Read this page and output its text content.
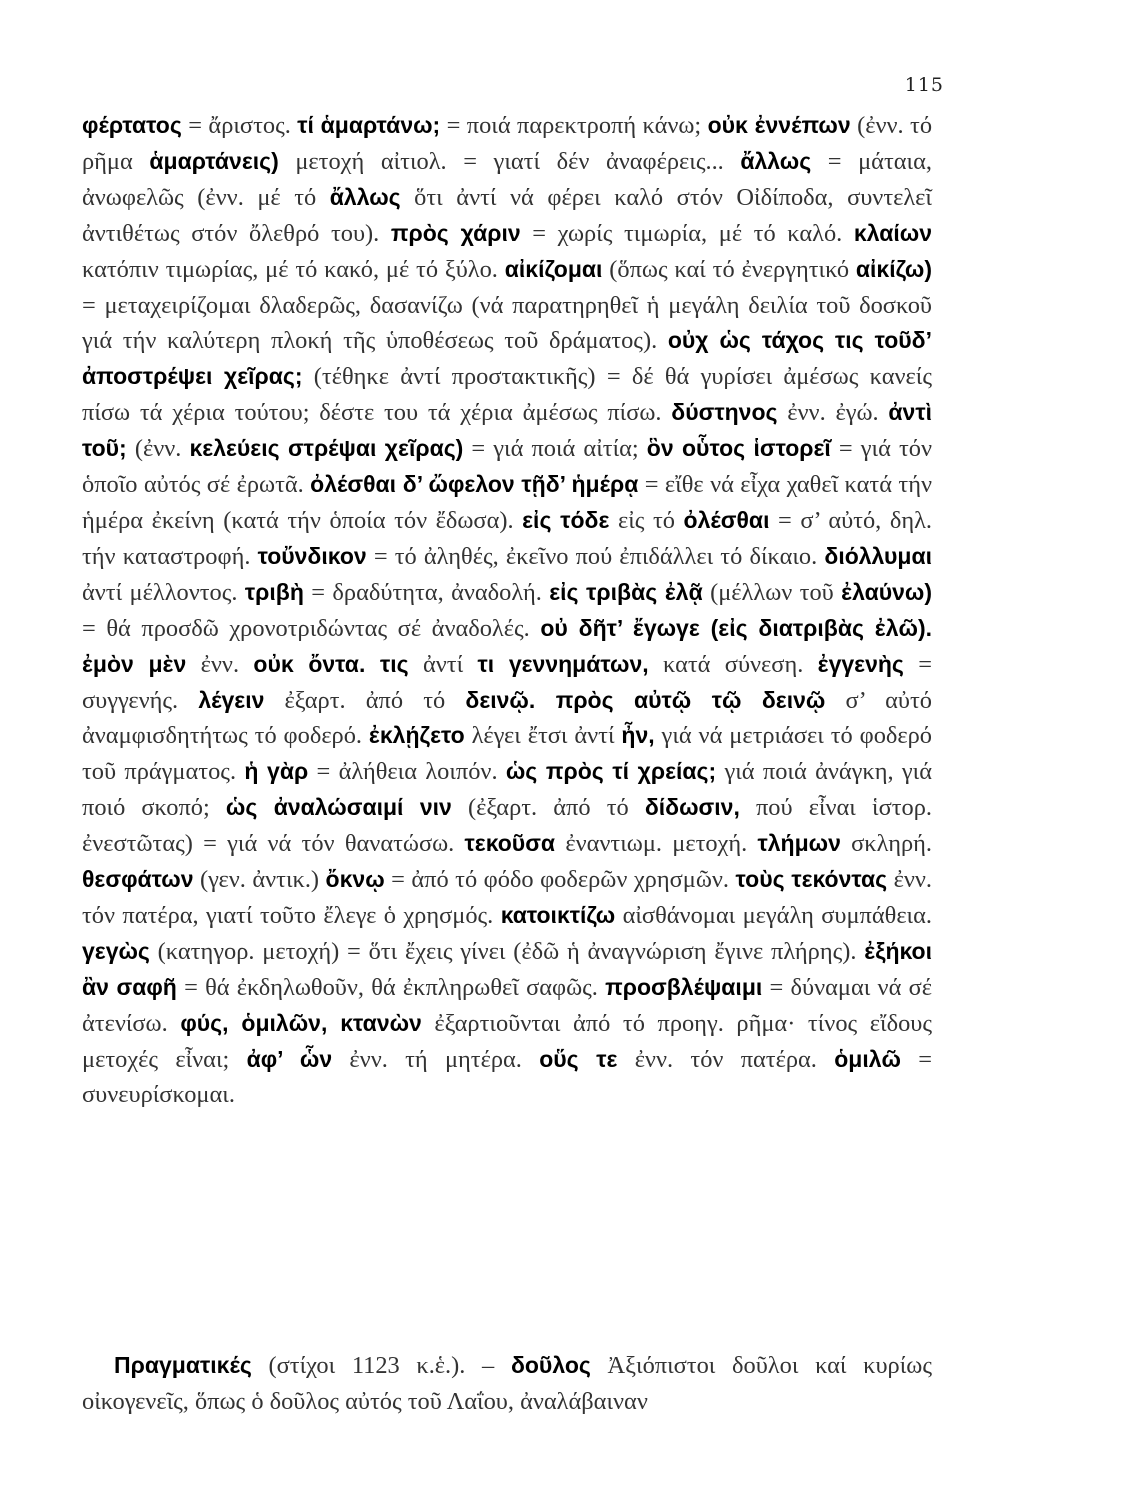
115
φέρτατος = ἄριστος. τί ἁμαρτάνω; = ποιά παρεκτροπή κάνω; οὐκ ἐννέπων (ἐνν. τό ρῆμα ἁμαρτάνεις) μετοχή αἰτιολ. = γιατί δέν ἀναφέρεις... ἄλλως = μάταια, ἀνωφελῶς (ἐνν. μέ τό ἄλλως ὅτι ἀντί νά φέρει καλό στόν Οἰδίποδα, συντελεῖ ἀντιθέτως στόν ὄλεθρό του). πρὸς χάριν = χωρίς τιμωρία, μέ τό καλό. κλαίων κατόπιν τιμωρίας, μέ τό κακό, μέ τό ξύλο. αἰκίζομαι (ὅπως καί τό ἐνεργητικό αἰκίζω) = μεταχειρίζομαι δλαδερῶς, δασανίζω (νά παρατηρηθεῖ ἡ μεγάλη δειλία τοῦ δοσκοῦ γιά τήν καλύτερη πλοκή τῆς ὑποθέσεως τοῦ δράματος). οὐχ ὡς τάχος τις τοῦδ’ ἀποστρέψει χεῖρας; (τέθηκε ἀντί προστακτικῆς) = δέ θά γυρίσει ἀμέσως κανείς πίσω τά χέρια τούτου; δέστε του τά χέρια ἀμέσως πίσω. δύστηνος ἐνν. ἐγώ. ἀντὶ τοῦ; (ἐνν. κελεύεις στρέψαι χεῖρας) = γιά ποιά αἰτία; ὃν οὗτος ἱστορεῖ = γιά τόν ὁποῖο αὐτός σέ ἐρωτᾶ. ὀλέσθαι δ’ ὤφελον τῇδ’ ἡμέρᾳ = εἴθε νά εἶχα χαθεῖ κατά τήν ἡμέρα ἐκείνη (κατά τήν ὁποία τόν ἔδωσα). εἰς τόδε εἰς τό ὀλέσθαι = σ’ αὐτό, δηλ. τήν καταστροφή. τοὔνδικον = τό ἀληθές, ἐκεῖνο πού ἐπιδάλλει τό δίκαιο. διόλλυμαι ἀντί μέλλοντος. τριβὴ = δραδύτητα, ἀναδολή. εἰς τριβὰς ἐλᾷ (μέλλων τοῦ ἐλαύνω) = θά προσδῶ χρονοτριδώντας σέ ἀναδολές. οὐ δῆτ’ ἔγωγε (εἰς διατριβὰς ἐλῶ). ἐμὸν μὲν ἐνν. οὐκ ὄντα. τις ἀντί τι γεννημάτων, κατά σύνεση. ἐγγενὴς = συγγενής. λέγειν ἐξαρτ. ἀπό τό δεινῷ. πρὸς αὐτῷ τῷ δεινῷ σ’ αὐτό ἀναμφισδητήτως τό φοδερό. ἐκλῄζετο λέγει ἔτσι ἀντί ἦν, γιά νά μετριάσει τό φοδερό τοῦ πράγματος. ἡ γὰρ = ἀλήθεια λοιπόν. ὡς πρὸς τί χρείας; γιά ποιά ἀνάγκη, γιά ποιό σκοπό; ὡς ἀναλώσαιμί νιν (ἐξαρτ. ἀπό τό δίδωσιν, πού εἶναι ἱστορ. ἐνεστῶτας) = γιά νά τόν θανατώσω. τεκοῦσα ἐναντιωμ. μετοχή. τλήμων σκληρή. θεσφάτων (γεν. ἀντικ.) ὄκνῳ = ἀπό τό φόδο φοδερῶν χρησμῶν. τοὺς τεκόντας ἐνν. τόν πατέρα, γιατί τοῦτο ἔλεγε ὁ χρησμός. κατοικτίζω αἰσθάνομαι μεγάλη συμπάθεια. γεγὼς (κατηγορ. μετοχή) = ὅτι ἔχεις γίνει (ἐδῶ ἡ ἀναγνώριση ἔγινε πλήρης). ἐξήκοι ἂν σαφῆ = θά ἐκδηλωθοῦν, θά ἐκπληρωθεῖ σαφῶς. προσβλέψαιμι = δύναμαι νά σέ ἀτενίσω. φύς, ὁμιλῶν, κτανὼν ἐξαρτιοῦνται ἀπό τό προηγ. ρῆμα· τίνος εἴδους μετοχές εἶναι; ἀφ’ ὧν ἐνν. τή μητέρα. οὕς τε ἐνν. τόν πατέρα. ὁμιλῶ = συνευρίσκομαι.
Πραγματικές (στίχοι 1123 κ.ἑ.). – δοῦλος Ἀξιόπιστοι δοῦλοι καί κυρίως οἰκογενεῖς, ὅπως ὁ δοῦλος αὐτός τοῦ Λαΐου, ἀναλάβαιναν
